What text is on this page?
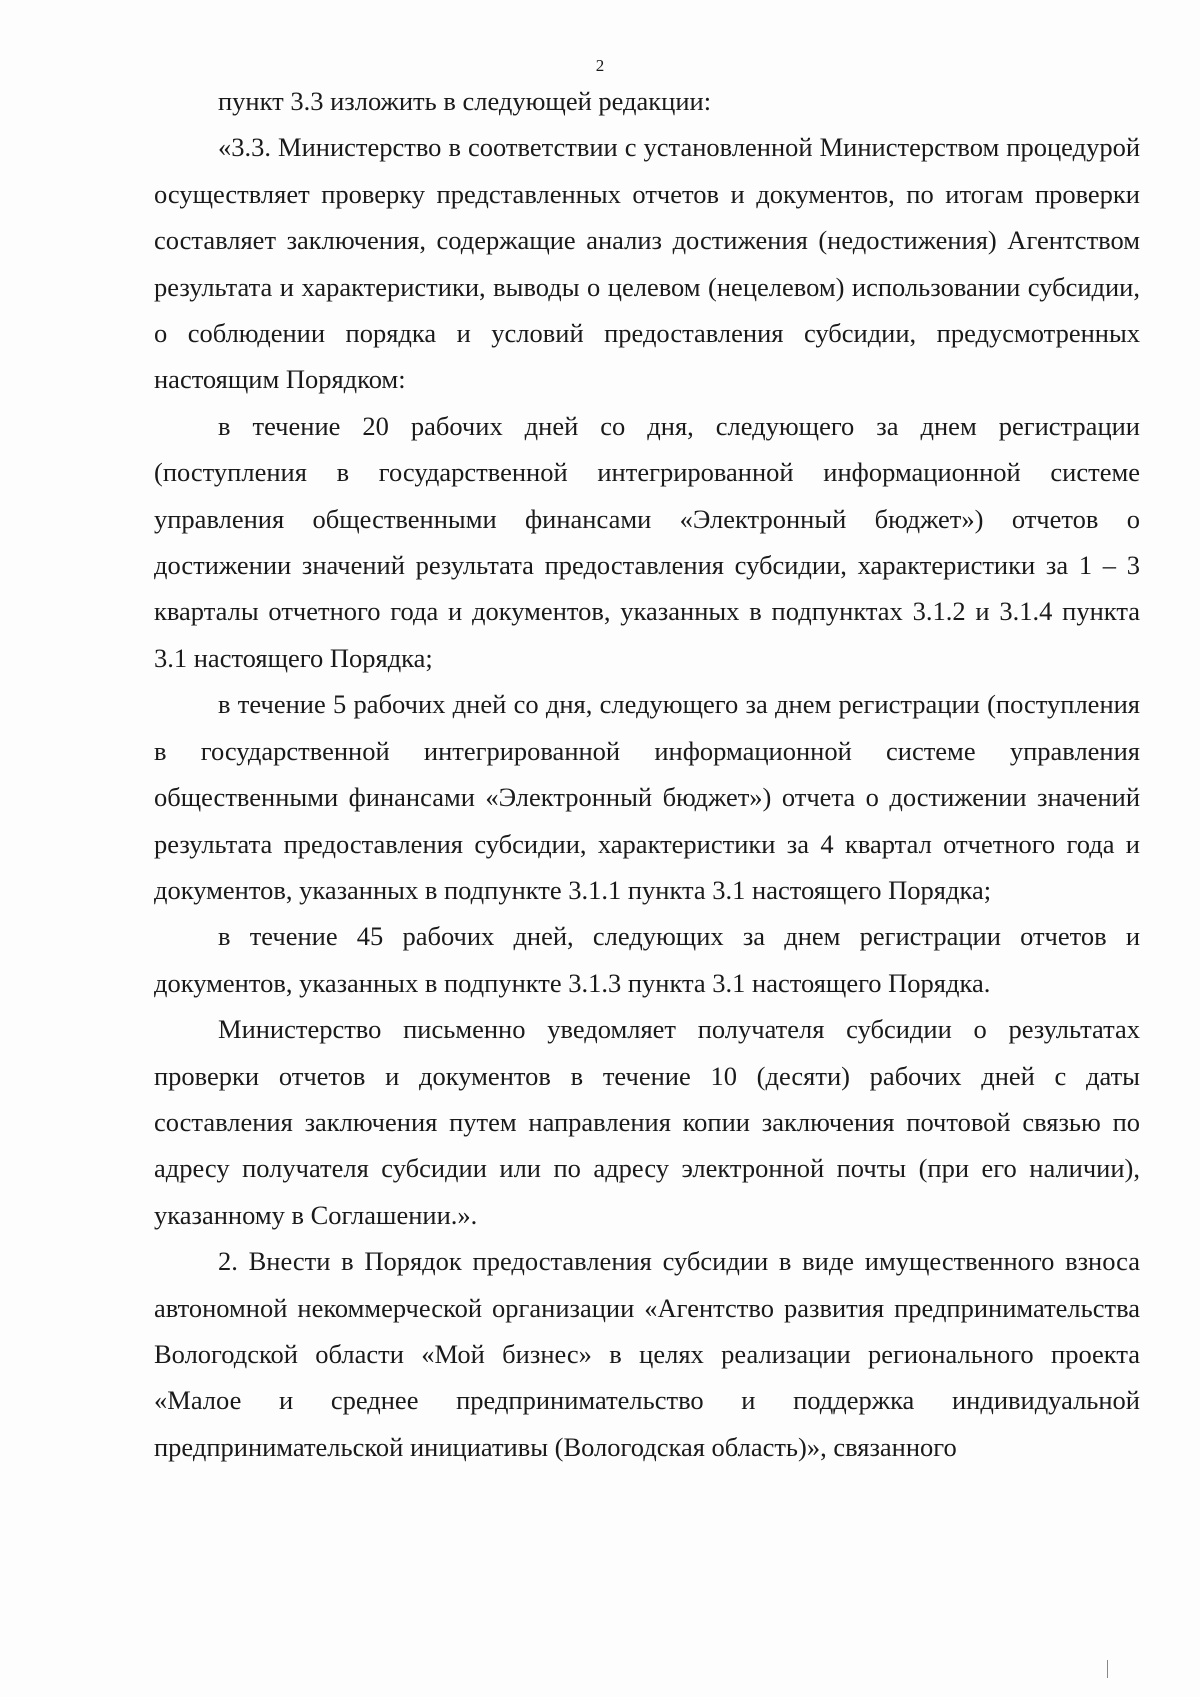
2

пункт 3.3 изложить в следующей редакции:

«3.3. Министерство в соответствии с установленной Министерством процедурой осуществляет проверку представленных отчетов и документов, по итогам проверки составляет заключения, содержащие анализ достижения (недостижения) Агентством результата и характеристики, выводы о целевом (нецелевом) использовании субсидии, о соблюдении порядка и условий предоставления субсидии, предусмотренных настоящим Порядком:

в течение 20 рабочих дней со дня, следующего за днем регистрации (поступления в государственной интегрированной информационной системе управления общественными финансами «Электронный бюджет») отчетов о достижении значений результата предоставления субсидии, характеристики за 1 – 3 кварталы отчетного года и документов, указанных в подпунктах 3.1.2 и 3.1.4 пункта 3.1 настоящего Порядка;

в течение 5 рабочих дней со дня, следующего за днем регистрации (поступления в государственной интегрированной информационной системе управления общественными финансами «Электронный бюджет») отчета о достижении значений результата предоставления субсидии, характеристики за 4 квартал отчетного года и документов, указанных в подпункте 3.1.1 пункта 3.1 настоящего Порядка;

в течение 45 рабочих дней, следующих за днем регистрации отчетов и документов, указанных в подпункте 3.1.3 пункта 3.1 настоящего Порядка.

Министерство письменно уведомляет получателя субсидии о результатах проверки отчетов и документов в течение 10 (десяти) рабочих дней с даты составления заключения путем направления копии заключения почтовой связью по адресу получателя субсидии или по адресу электронной почты (при его наличии), указанному в Соглашении.».

2. Внести в Порядок предоставления субсидии в виде имущественного взноса автономной некоммерческой организации «Агентство развития предпринимательства Вологодской области «Мой бизнес» в целях реализации регионального проекта «Малое и среднее предпринимательство и поддержка индивидуальной предпринимательской инициативы (Вологодская область)», связанного
